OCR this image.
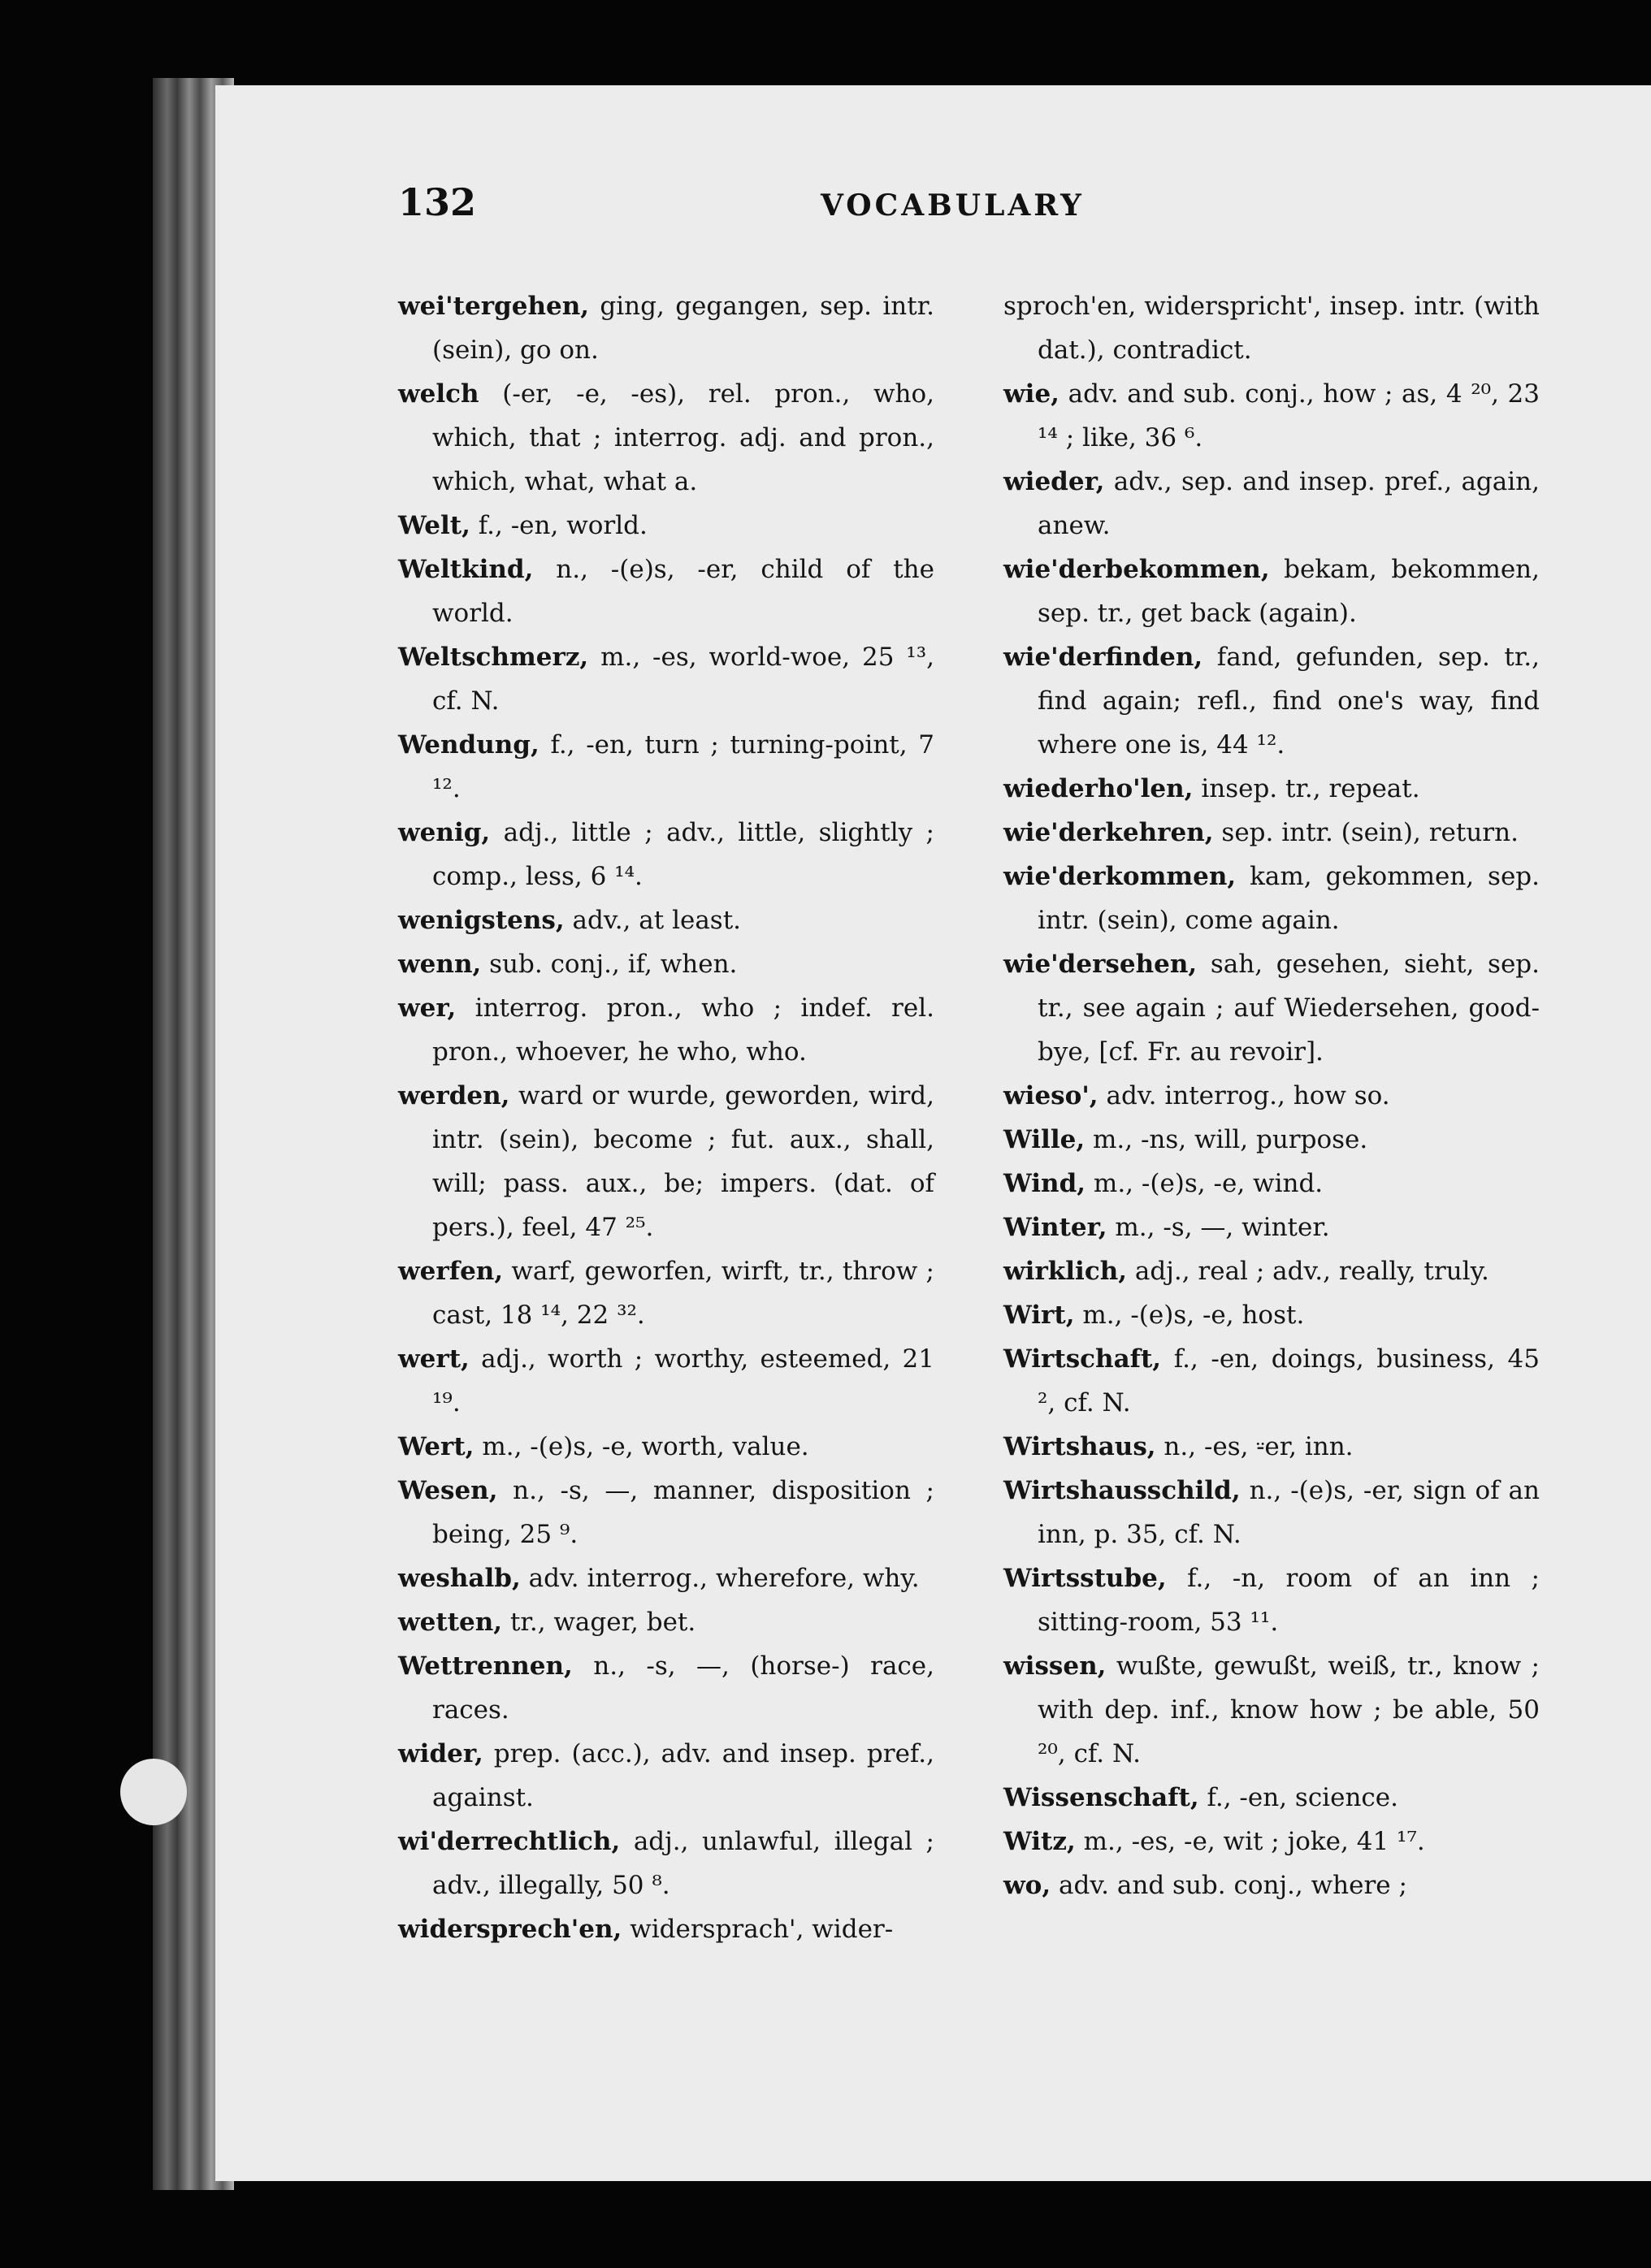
132	VOCABULARY

wei'tergehen, ging, gegangen, sep. intr. (sein), go on.

welch (-er, -e, -es), rel. pron., who, which, that ; interrog. adj. and pron., which, what, what a.

Welt, f., -en, world.

Weltkind, n., -(e)s, -er, child of the world.

Weltschmerz, m., -es, world-woe, 25 ¹³, cf. N.

Wendung, f., -en, turn ; turning-point, 7 ¹².

wenig, adj., little ; adv., little, slightly ; comp., less, 6 ¹⁴.

wenigstens, adv., at least.

wenn, sub. conj., if, when.

wer, interrog. pron., who ; indef. rel. pron., whoever, he who, who.

werden, ward or wurde, geworden, wird, intr. (sein), become ; fut. aux., shall, will; pass. aux., be; impers. (dat. of pers.), feel, 47 ²⁵.

werfen, warf, geworfen, wirft, tr., throw ; cast, 18 ¹⁴, 22 ³².

wert, adj., worth ; worthy, esteemed, 21 ¹⁹.

Wert, m., -(e)s, -e, worth, value.

Wesen, n., -s, —, manner, disposition ; being, 25 ⁹.

weshalb, adv. interrog., wherefore, why.

wetten, tr., wager, bet.

Wettrennen, n., -s, —, (horse-) race, races.

wider, prep. (acc.), adv. and insep. pref., against.

wi'derrechtlich, adj., unlawful, illegal ; adv., illegally, 50 ⁸.

widersprech'en, widersprach', wider-

sproch'en, widerspricht', insep. intr. (with dat.), contradict.

wie, adv. and sub. conj., how ; as, 4 ²⁰, 23 ¹⁴ ; like, 36 ⁶.

wieder, adv., sep. and insep. pref., again, anew.

wie'derbekommen, bekam, bekommen, sep. tr., get back (again).

wie'derfinden, fand, gefunden, sep. tr., find again; refl., find one's way, find where one is, 44 ¹².

wiederho'len, insep. tr., repeat.

wie'derkehren, sep. intr. (sein), return.

wie'derkommen, kam, gekommen, sep. intr. (sein), come again.

wie'dersehen, sah, gesehen, sieht, sep. tr., see again ; auf Wiedersehen, good-bye, [cf. Fr. au revoir].

wieso', adv. interrog., how so.

Wille, m., -ns, will, purpose.

Wind, m., -(e)s, -e, wind.

Winter, m., -s, —, winter.

wirklich, adj., real ; adv., really, truly.

Wirt, m., -(e)s, -e, host.

Wirtschaft, f., -en, doings, business, 45 ², cf. N.

Wirtshaus, n., -es, ⸚er, inn.

Wirtshausschild, n., -(e)s, -er, sign of an inn, p. 35, cf. N.

Wirtsstube, f., -n, room of an inn ; sitting-room, 53 ¹¹.

wissen, wußte, gewußt, weiß, tr., know ; with dep. inf., know how ; be able, 50 ²⁰, cf. N.

Wissenschaft, f., -en, science.

Witz, m., -es, -e, wit ; joke, 41 ¹⁷.

wo, adv. and sub. conj., where ;
